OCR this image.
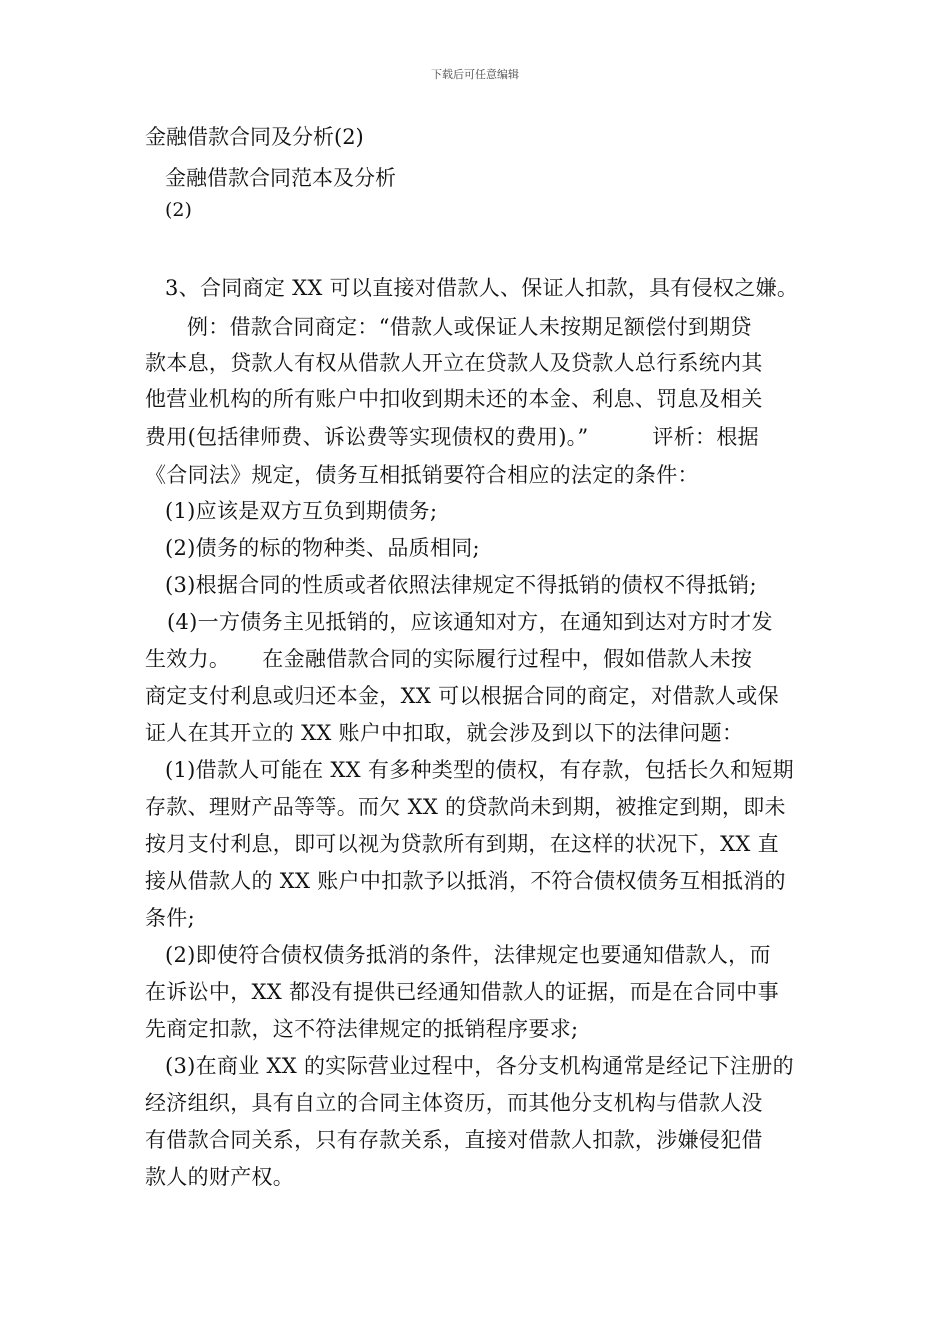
下载后可任意编辑
金融借款合同及分析(2)
金融借款合同范本及分析
(2)
3、合同商定 XX 可以直接对借款人、保证人扣款，具有侵权之嫌。
例：借款合同商定：“借款人或保证人未按期足额偿付到期贷
款本息，贷款人有权从借款人开立在贷款人及贷款人总行系统内其
他营业机构的所有账户中扣收到期未还的本金、利息、罚息及相关
费用(包括律师费、诉讼费等实现债权的费用)。”　　　评析：根据
《合同法》规定，债务互相抵销要符合相应的法定的条件：
(1)应该是双方互负到期债务;
(2)债务的标的物种类、品质相同;
(3)根据合同的性质或者依照法律规定不得抵销的债权不得抵销;
(4)一方债务主见抵销的，应该通知对方，在通知到达对方时才发
生效力。　　在金融借款合同的实际履行过程中，假如借款人未按
商定支付利息或归还本金，XX 可以根据合同的商定，对借款人或保
证人在其开立的 XX 账户中扣取，就会涉及到以下的法律问题：
(1)借款人可能在 XX 有多种类型的债权，有存款，包括长久和短期
存款、理财产品等等。而欠 XX 的贷款尚未到期，被推定到期，即未
按月支付利息，即可以视为贷款所有到期，在这样的状况下，XX 直
接从借款人的 XX 账户中扣款予以抵消，不符合债权债务互相抵消的
条件;
(2)即使符合债权债务抵消的条件，法律规定也要通知借款人，而
在诉讼中，XX 都没有提供已经通知借款人的证据，而是在合同中事
先商定扣款，这不符法律规定的抵销程序要求;
(3)在商业 XX 的实际营业过程中，各分支机构通常是经记下注册的
经济组织，具有自立的合同主体资历，而其他分支机构与借款人没
有借款合同关系，只有存款关系，直接对借款人扣款，涉嫌侵犯借
款人的财产权。
